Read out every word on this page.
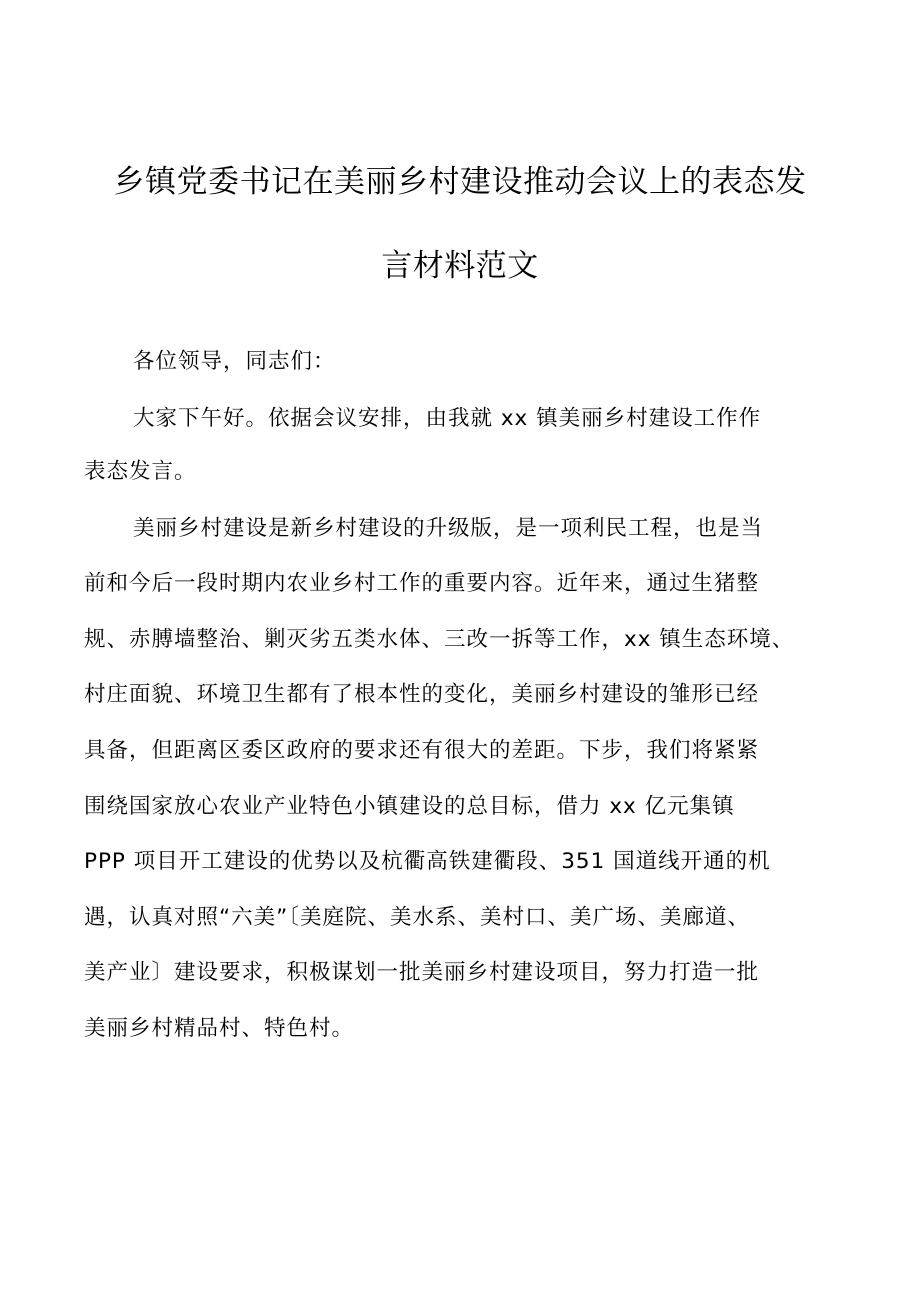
乡镇党委书记在美丽乡村建设推动会议上的表态发
言材料范文
各位领导，同志们：
大家下午好。依据会议安排，由我就 xx 镇美丽乡村建设工作作
表态发言。
美丽乡村建设是新乡村建设的升级版，是一项利民工程，也是当
前和今后一段时期内农业乡村工作的重要内容。近年来，通过生猪整
规、赤膊墙整治、剿灭劣五类水体、三改一拆等工作，xx 镇生态环境、
村庄面貌、环境卫生都有了根本性的变化，美丽乡村建设的雏形已经
具备，但距离区委区政府的要求还有很大的差距。下步，我们将紧紧
围绕国家放心农业产业特色小镇建设的总目标，借力 xx 亿元集镇
PPP 项目开工建设的优势以及杭衢高铁建衢段、351 国道线开通的机
遇，认真对照“六美”〔美庭院、美水系、美村口、美广场、美廊道、
美产业〕建设要求，积极谋划一批美丽乡村建设项目，努力打造一批
美丽乡村精品村、特色村。
